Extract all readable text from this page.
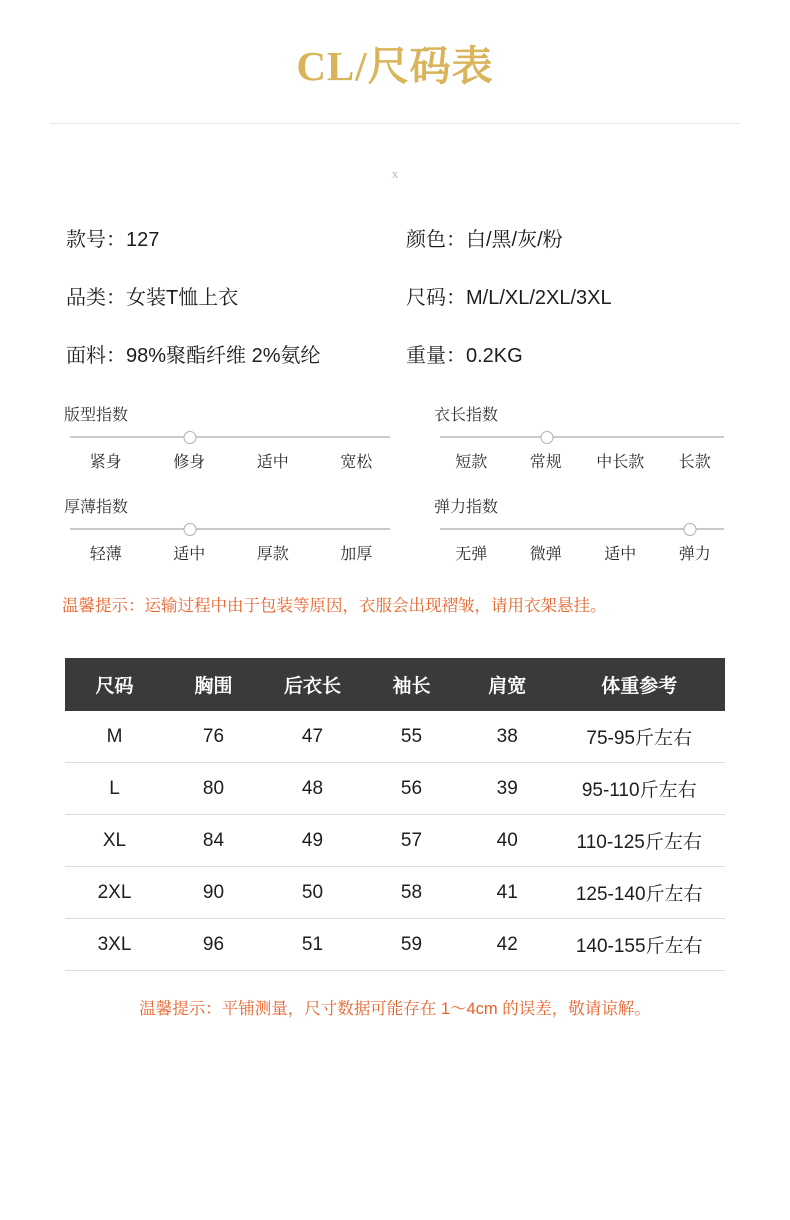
CL/尺码表
x
款号：127	颜色：白/黑/灰/粉
品类：女装T恤上衣	尺码：M/L/XL/2XL/3XL
面料：98%聚酯纤维 2%氨纶	重量：0.2KG
版型指数
紧身	修身	适中	宽松
衣长指数
短款	常规	中长款	长款
厚薄指数
轻薄	适中	厚款	加厚
弹力指数
无弹	微弹	适中	弹力
温馨提示：运输过程中由于包装等原因，衣服会出现褶皱，请用衣架悬挂。
尺码	胸围	后衣长	袖长	肩宽	体重参考
M	76	47	55	38	75-95斤左右
L	80	48	56	39	95-110斤左右
XL	84	49	57	40	110-125斤左右
2XL	90	50	58	41	125-140斤左右
3XL	96	51	59	42	140-155斤左右
温馨提示：平铺测量，尺寸数据可能存在 1～4cm 的误差，敬请谅解。
